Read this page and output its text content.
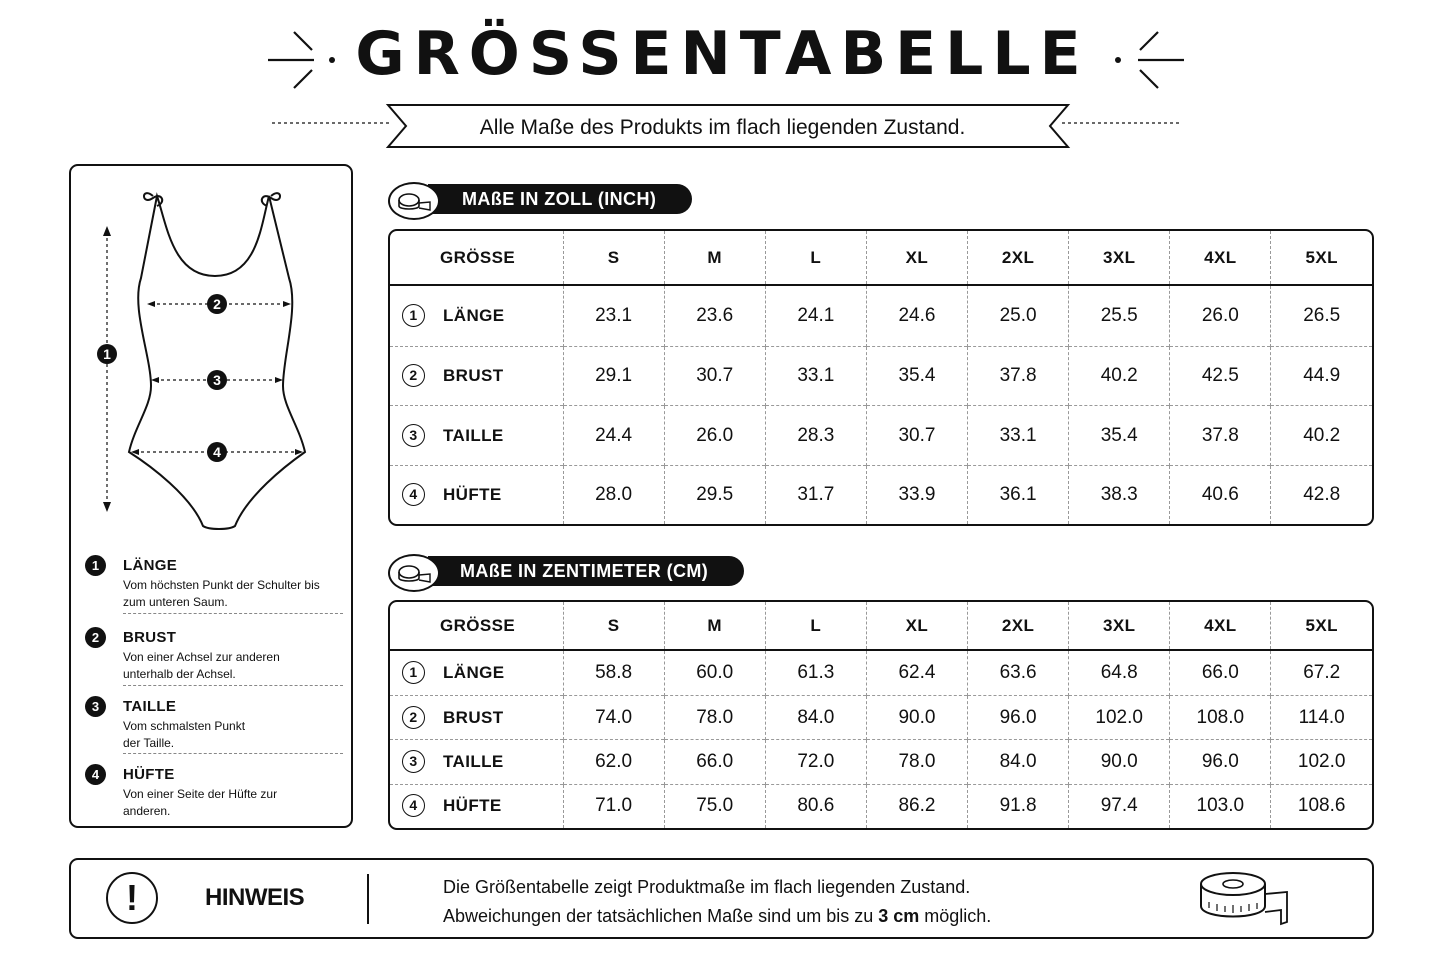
GRÖSSENTABELLE
Alle Maße des Produkts im flach liegenden Zustand.
1
2
3
4
1	LÄNGE
Vom höchsten Punkt der Schulter bis zum unteren Saum.
2	BRUST
Von einer Achsel zur anderen unterhalb der Achsel.
3	TAILLE
Vom schmalsten Punkt der Taille.
4	HÜFTE
Von einer Seite der Hüfte zur anderen.
MAßE IN ZOLL (INCH)
GRÖSSE	S	M	L	XL	2XL	3XL	4XL	5XL

1 LÄNGE	23.1	23.6	24.1	24.6	25.0	25.5	26.0	26.5

2 BRUST	29.1	30.7	33.1	35.4	37.8	40.2	42.5	44.9

3 TAILLE	24.4	26.0	28.3	30.7	33.1	35.4	37.8	40.2

4 HÜFTE	28.0	29.5	31.7	33.9	36.1	38.3	40.6	42.8
MAßE IN ZENTIMETER (CM)
GRÖSSE	S	M	L	XL	2XL	3XL	4XL	5XL

1 LÄNGE	58.8	60.0	61.3	62.4	63.6	64.8	66.0	67.2

2 BRUST	74.0	78.0	84.0	90.0	96.0	102.0	108.0	114.0

3 TAILLE	62.0	66.0	72.0	78.0	84.0	90.0	96.0	102.0

4 HÜFTE	71.0	75.0	80.6	86.2	91.8	97.4	103.0	108.6
!	HINWEIS	Die Größentabelle zeigt Produktmaße im flach liegenden Zustand.
Abweichungen der tatsächlichen Maße sind um bis zu 3 cm möglich.
